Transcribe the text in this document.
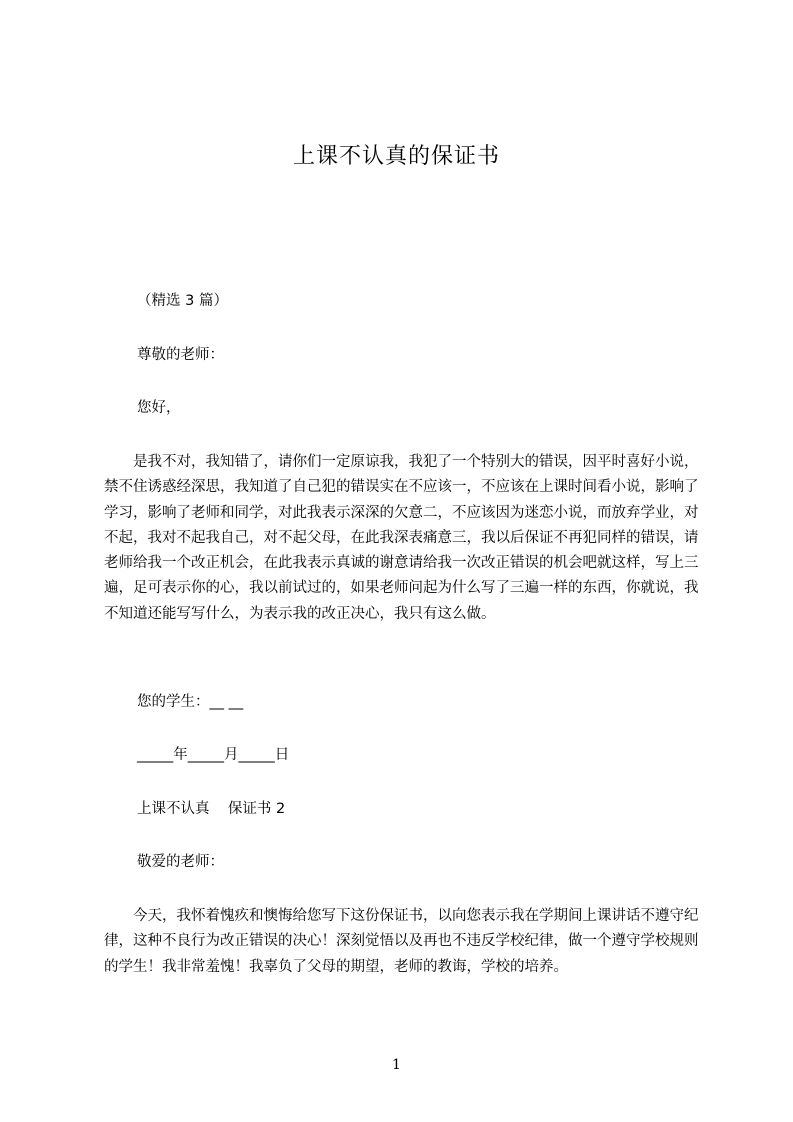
上课不认真的保证书
（精选 3 篇）
尊敬的老师：
您好，
是我不对，我知错了，请你们一定原谅我，我犯了一个特别大的错误，因平时喜好小说，禁不住诱惑经深思，我知道了自己犯的错误实在不应该一，不应该在上课时间看小说，影响了学习，影响了老师和同学，对此我表示深深的欠意二，不应该因为迷恋小说，而放弃学业，对不起，我对不起我自己，对不起父母，在此我深表痛意三，我以后保证不再犯同样的错误，请老师给我一个改正机会，在此我表示真诚的谢意请给我一次改正错误的机会吧就这样，写上三遍，足可表示你的心，我以前试过的，如果老师问起为什么写了三遍一样的东西，你就说，我不知道还能写写什么，为表示我的改正决心，我只有这么做。
您的学生：__ __
_____年_____月_____日
上课不认真    保证书 2
敬爱的老师：
今天，我怀着愧疚和懊悔给您写下这份保证书，以向您表示我在学期间上课讲话不遵守纪律，这种不良行为改正错误的决心！深刻觉悟以及再也不违反学校纪律，做一个遵守学校规则的学生！我非常羞愧！我辜负了父母的期望，老师的教诲，学校的培养。
1
